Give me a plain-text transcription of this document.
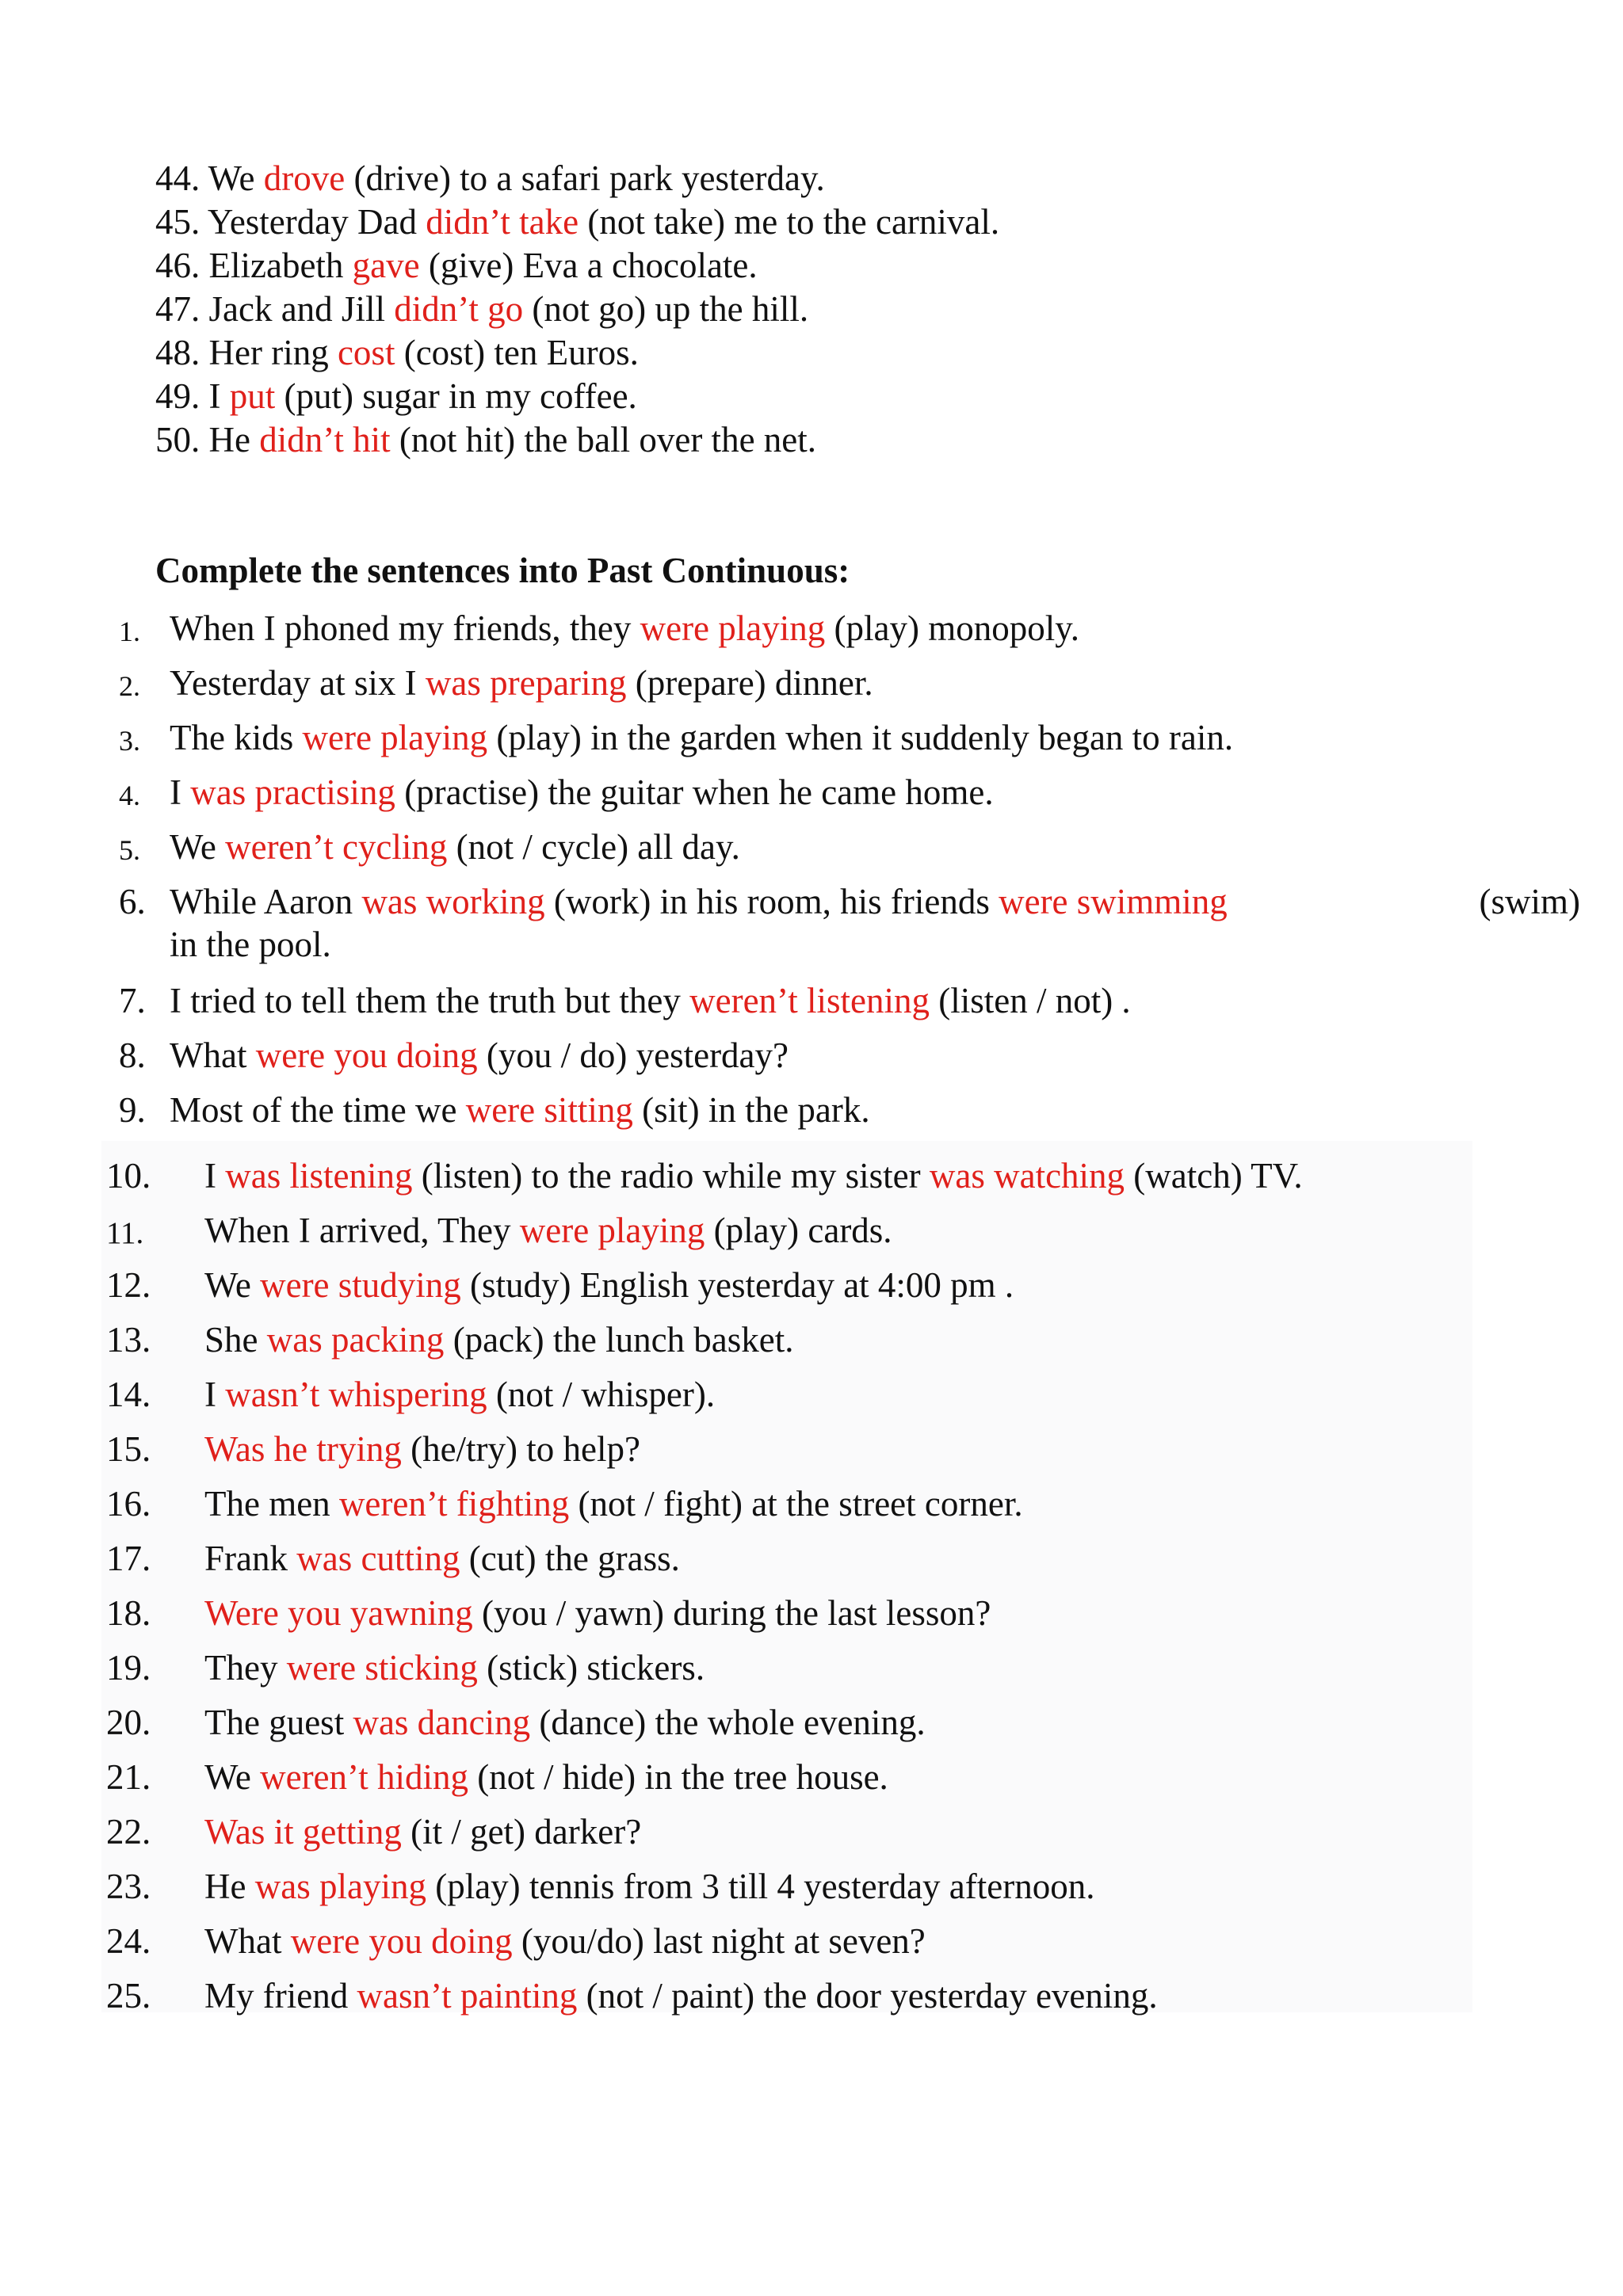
44. We drove (drive) to a safari park yesterday.
45. Yesterday Dad didn’t take (not take) me to the carnival.
46. Elizabeth gave (give) Eva a chocolate.
47. Jack and Jill didn’t go (not go) up the hill.
48. Her ring cost (cost) ten Euros.
49. I put (put) sugar in my coffee.
50. He didn’t hit (not hit) the ball over the net.
Complete the sentences into Past Continuous:
1. When I phoned my friends, they were playing (play) monopoly.
2. Yesterday at six I was preparing (prepare) dinner.
3. The kids were playing (play) in the garden when it suddenly began to rain.
4. I was practising (practise) the guitar when he came home.
5. We weren’t cycling (not / cycle) all day.
6. While Aaron was working (work) in his room, his friends were swimming	(swim)
in the pool.
7. I tried to tell them the truth but they weren’t listening (listen / not) .
8. What were you doing (you / do) yesterday?
9. Most of the time we were sitting (sit) in the park.
10. I was listening (listen) to the radio while my sister was watching (watch) TV.
11. When I arrived, They were playing (play) cards.
12. We were studying (study) English yesterday at 4:00 pm .
13. She was packing (pack) the lunch basket.
14. I wasn’t whispering (not / whisper).
15. Was he trying (he/try) to help?
16. The men weren’t fighting (not / fight) at the street corner.
17. Frank was cutting (cut) the grass.
18. Were you yawning (you / yawn) during the last lesson?
19. They were sticking (stick) stickers.
20. The guest was dancing (dance) the whole evening.
21. We weren’t hiding (not / hide) in the tree house.
22. Was it getting (it / get) darker?
23. He was playing (play) tennis from 3 till 4 yesterday afternoon.
24. What were you doing (you/do) last night at seven?
25. My friend wasn’t painting (not / paint) the door yesterday evening.
